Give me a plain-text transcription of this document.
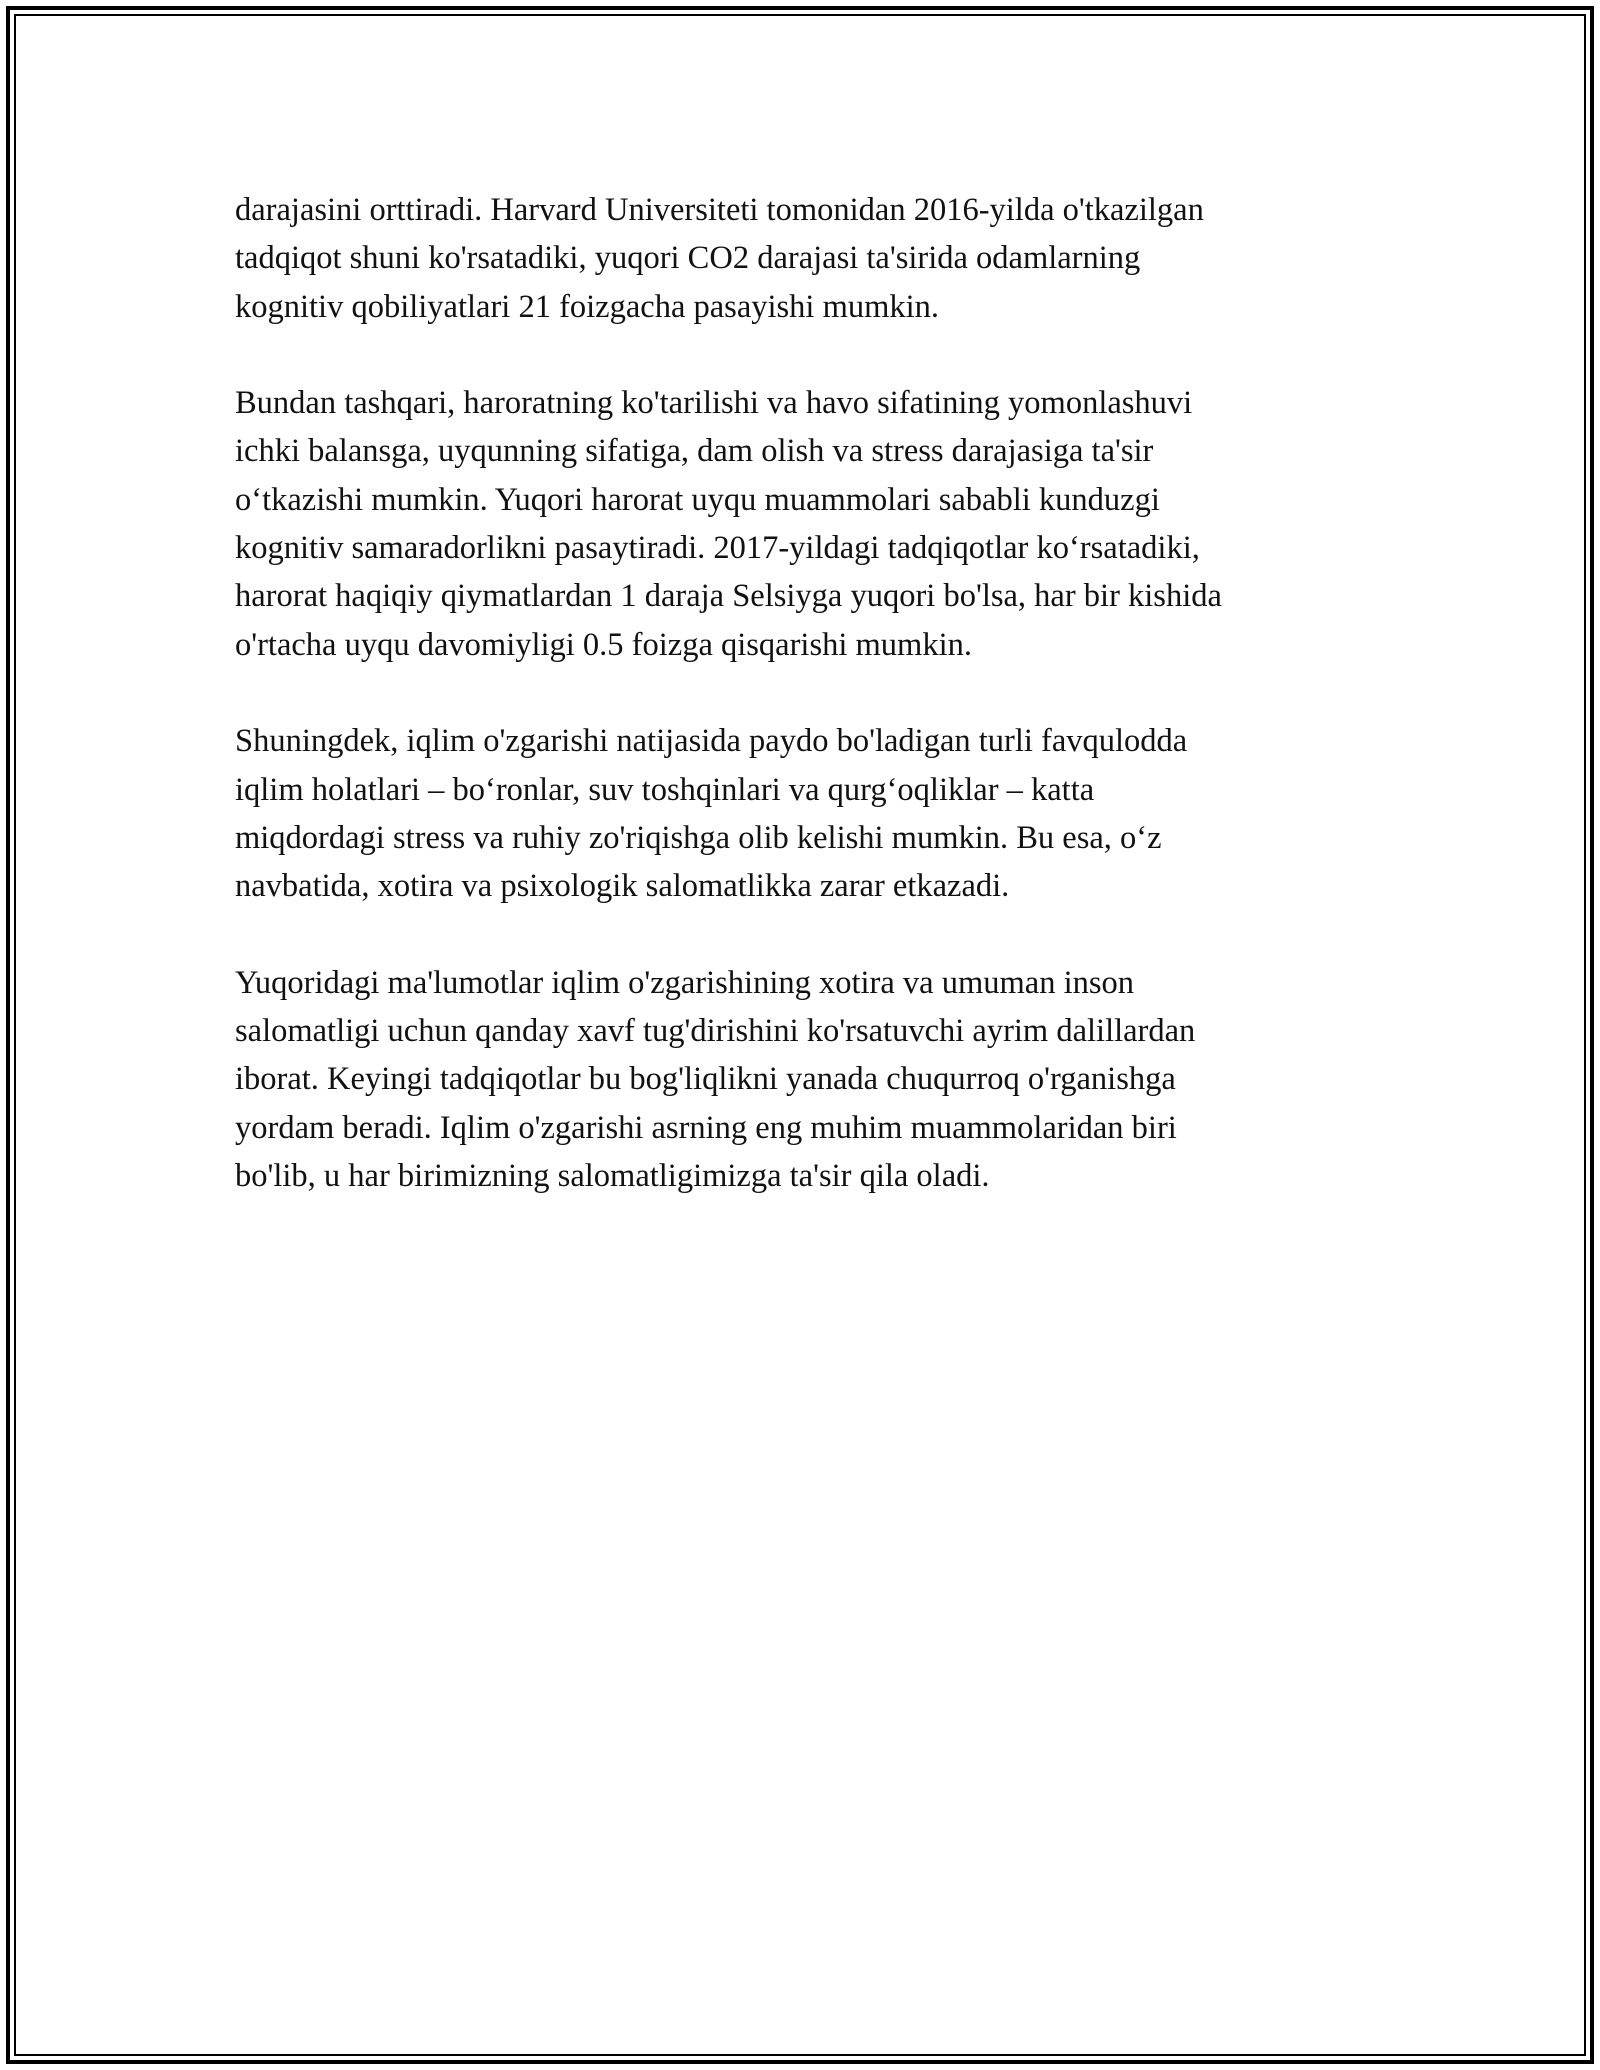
darajasini orttiradi. Harvard Universiteti tomonidan 2016-yilda o'tkazilgan
tadqiqot shuni ko'rsatadiki, yuqori CO2 darajasi ta'sirida odamlarning
kognitiv qobiliyatlari 21 foizgacha pasayishi mumkin.

Bundan tashqari, haroratning ko'tarilishi va havo sifatining yomonlashuvi
ichki balansga, uyqunning sifatiga, dam olish va stress darajasiga ta'sir
o‘tkazishi mumkin. Yuqori harorat uyqu muammolari sababli kunduzgi
kognitiv samaradorlikni pasaytiradi. 2017-yildagi tadqiqotlar ko‘rsatadiki,
harorat haqiqiy qiymatlardan 1 daraja Selsiyga yuqori bo'lsa, har bir kishida
o'rtacha uyqu davomiyligi 0.5 foizga qisqarishi mumkin.

Shuningdek, iqlim o'zgarishi natijasida paydo bo'ladigan turli favqulodda
iqlim holatlari – bo‘ronlar, suv toshqinlari va qurg‘oqliklar – katta
miqdordagi stress va ruhiy zo'riqishga olib kelishi mumkin. Bu esa, o‘z
navbatida, xotira va psixologik salomatlikka zarar etkazadi.

Yuqoridagi ma'lumotlar iqlim o'zgarishining xotira va umuman inson
salomatligi uchun qanday xavf tug'dirishini ko'rsatuvchi ayrim dalillardan
iborat. Keyingi tadqiqotlar bu bog'liqlikni yanada chuqurroq o'rganishga
yordam beradi. Iqlim o'zgarishi asrning eng muhim muammolaridan biri
bo'lib, u har birimizning salomatligimizga ta'sir qila oladi.
